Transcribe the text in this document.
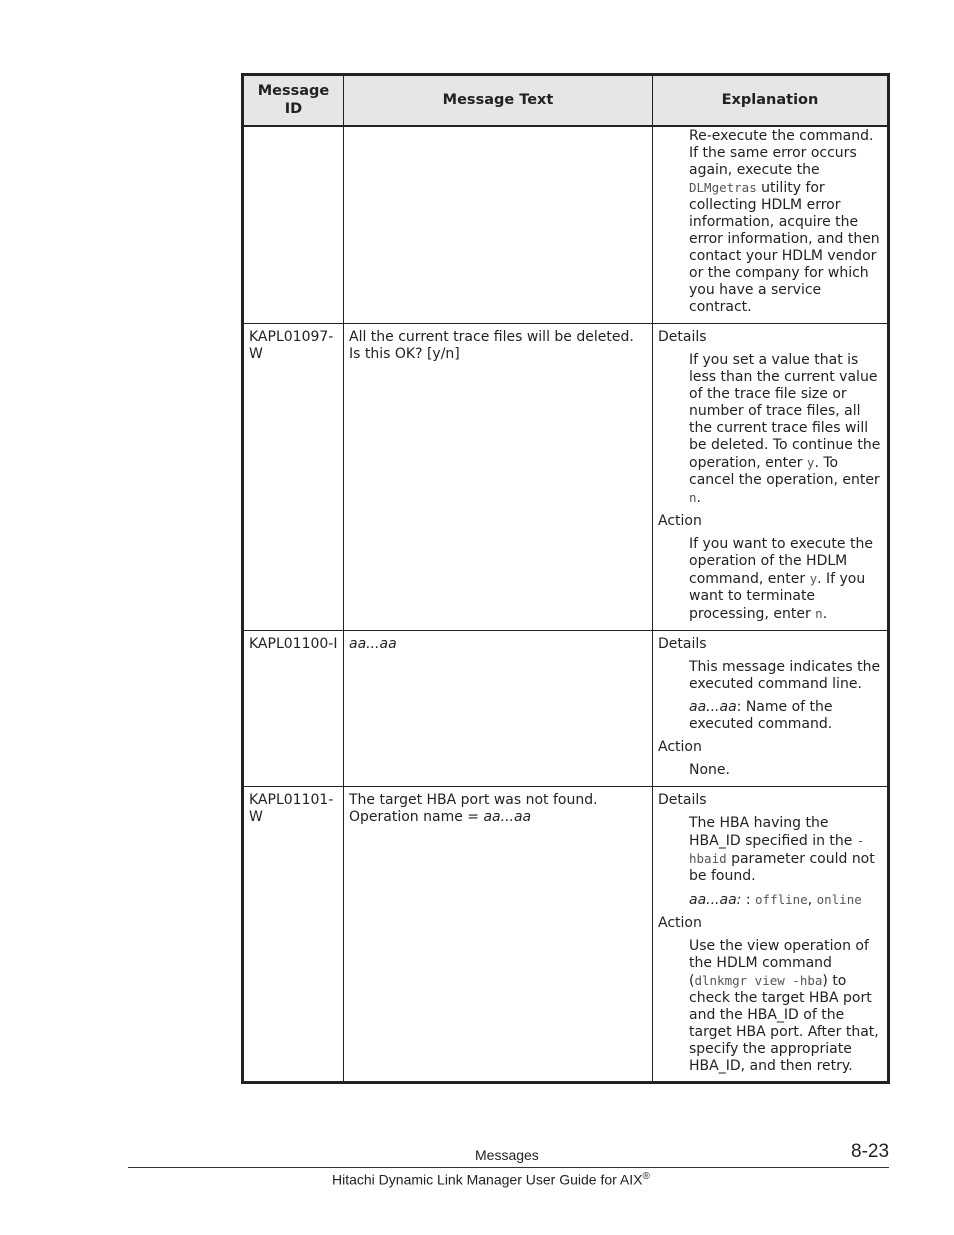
Message ID	Message Text	Explanation

		Re-execute the command. If the same error occurs again, execute the DLMgetras utility for collecting HDLM error information, acquire the error information, and then contact your HDLM vendor or the company for which you have a service contract.

KAPL01097-W	All the current trace files will be deleted. Is this OK? [y/n]	Details
If you set a value that is less than the current value of the trace file size or number of trace files, all the current trace files will be deleted. To continue the operation, enter y. To cancel the operation, enter n.
Action
If you want to execute the operation of the HDLM command, enter y. If you want to terminate processing, enter n.

KAPL01100-I	aa...aa	Details
This message indicates the executed command line.
aa...aa: Name of the executed command.
Action
None.

KAPL01101-W	The target HBA port was not found. Operation name = aa...aa	Details
The HBA having the HBA_ID specified in the -hbaid parameter could not be found.
aa...aa: : offline, online
Action
Use the view operation of the HDLM command (dlnkmgr view -hba) to check the target HBA port and the HBA_ID of the target HBA port. After that, specify the appropriate HBA_ID, and then retry.
Messages	8-23
Hitachi Dynamic Link Manager User Guide for AIX®
